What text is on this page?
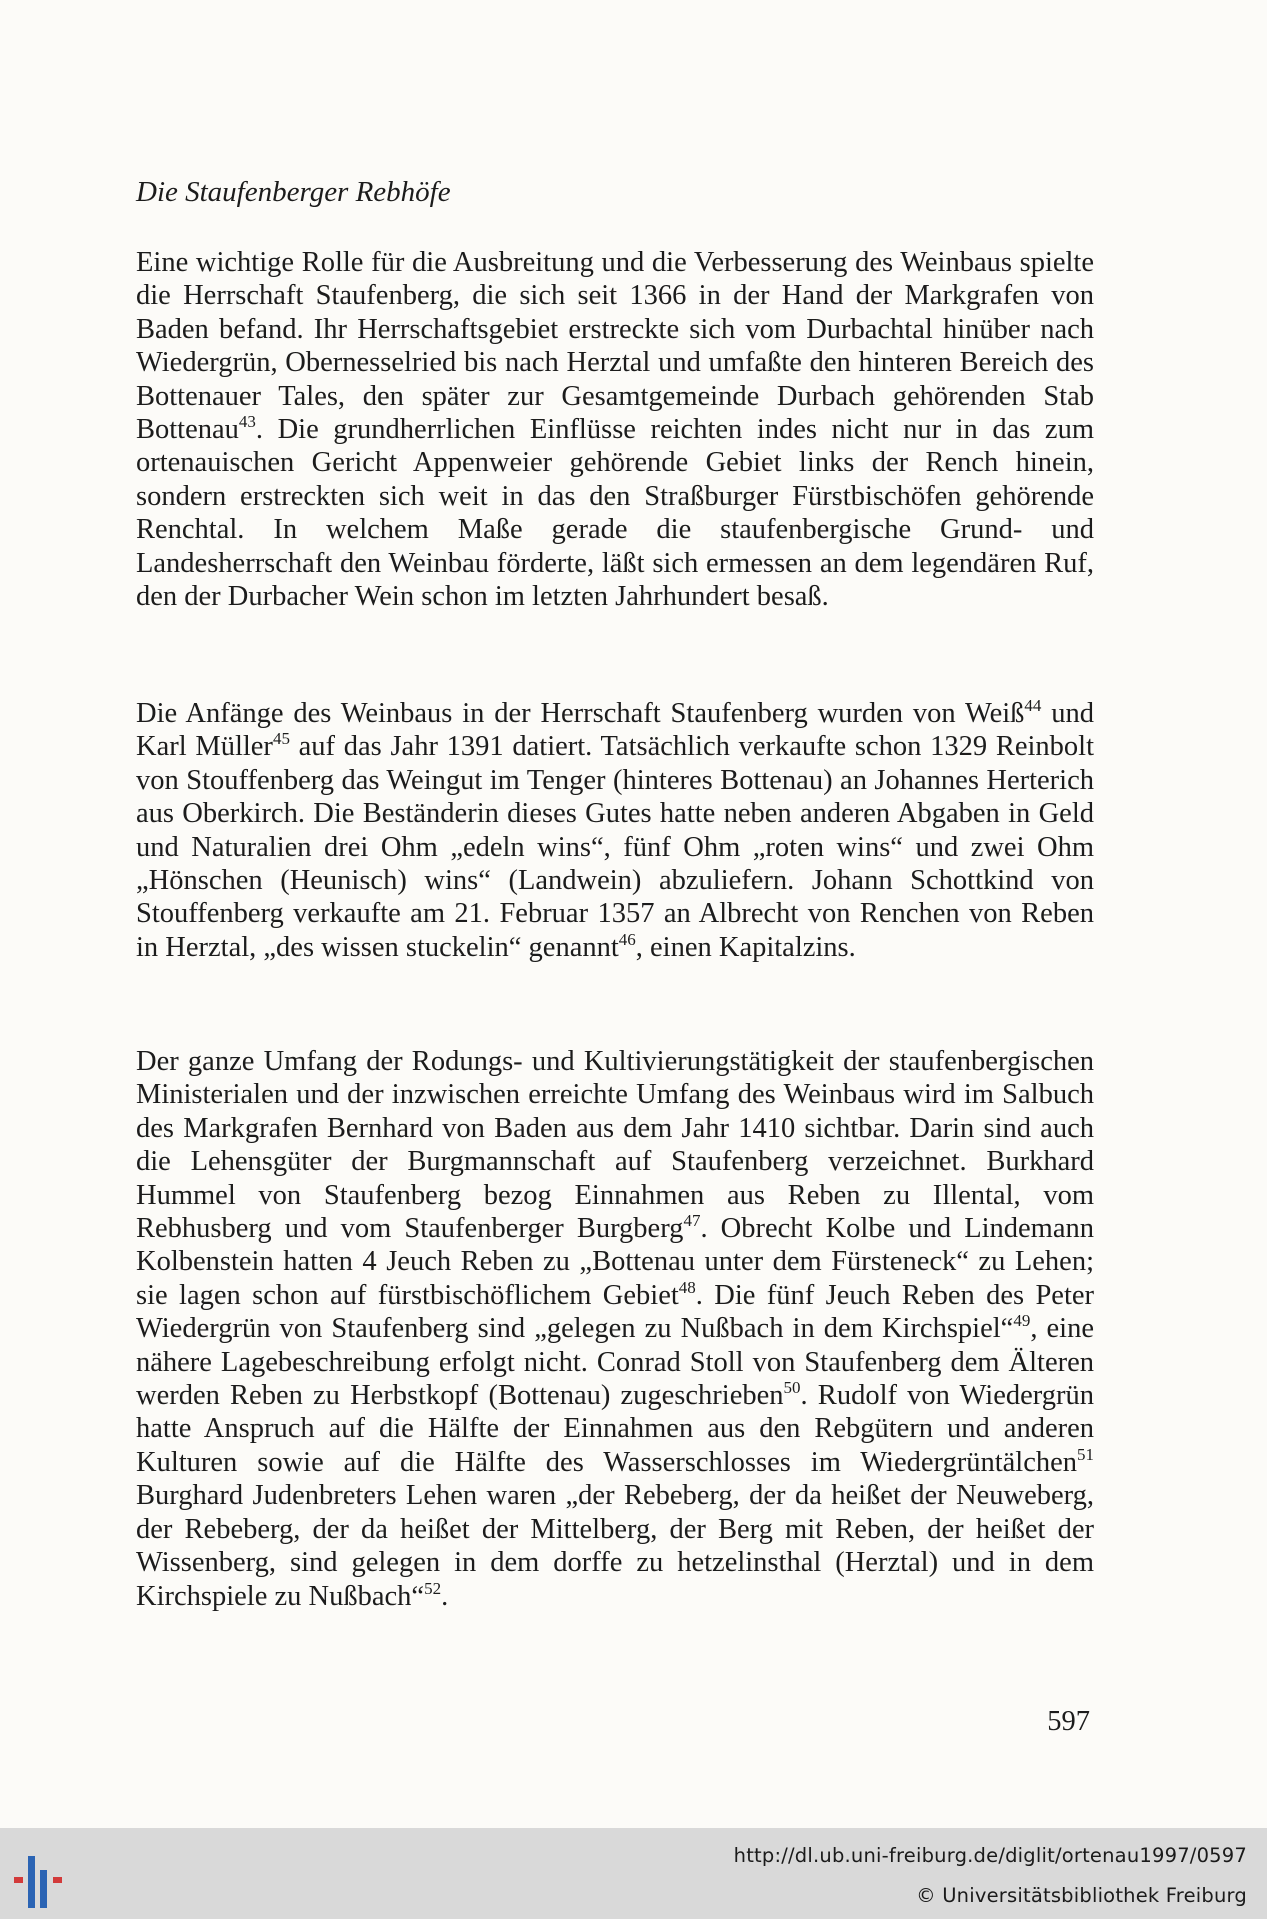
Die Staufenberger Rebhöfe

Eine wichtige Rolle für die Ausbreitung und die Verbesserung des Weinbaus spielte die Herrschaft Staufenberg, die sich seit 1366 in der Hand der Markgrafen von Baden befand. Ihr Herrschaftsgebiet erstreckte sich vom Durbachtal hinüber nach Wiedergrün, Obernesselried bis nach Herztal und umfaßte den hinteren Bereich des Bottenauer Tales, den später zur Gesamtgemeinde Durbach gehörenden Stab Bottenau$^{43}$. Die grundherrlichen Einflüsse reichten indes nicht nur in das zum ortenauischen Gericht Appenweier gehörende Gebiet links der Rench hinein, sondern erstreckten sich weit in das den Straßburger Fürstbischöfen gehörende Renchtal. In welchem Maße gerade die staufenbergische Grund- und Landesherrschaft den Weinbau förderte, läßt sich ermessen an dem legendären Ruf, den der Durbacher Wein schon im letzten Jahrhundert besaß.

Die Anfänge des Weinbaus in der Herrschaft Staufenberg wurden von Weiß$^{44}$ und Karl Müller$^{45}$ auf das Jahr 1391 datiert. Tatsächlich verkaufte schon 1329 Reinbolt von Stouffenberg das Weingut im Tenger (hinteres Bottenau) an Johannes Herterich aus Oberkirch. Die Beständerin dieses Gutes hatte neben anderen Abgaben in Geld und Naturalien drei Ohm „edeln wins“, fünf Ohm „roten wins“ und zwei Ohm „Hönschen (Heunisch) wins“ (Landwein) abzuliefern. Johann Schottkind von Stouffenberg verkaufte am 21. Februar 1357 an Albrecht von Renchen von Reben in Herztal, „des wissen stuckelin“ genannt$^{46}$, einen Kapitalzins.

Der ganze Umfang der Rodungs- und Kultivierungstätigkeit der staufenbergischen Ministerialen und der inzwischen erreichte Umfang des Weinbaus wird im Salbuch des Markgrafen Bernhard von Baden aus dem Jahr 1410 sichtbar. Darin sind auch die Lehensgüter der Burgmannschaft auf Staufenberg verzeichnet. Burkhard Hummel von Staufenberg bezog Einnahmen aus Reben zu Illental, vom Rebhusberg und vom Staufenberger Burgberg$^{47}$. Obrecht Kolbe und Lindemann Kolbenstein hatten 4 Jeuch Reben zu „Bottenau unter dem Fürsteneck“ zu Lehen; sie lagen schon auf fürstbischöflichem Gebiet$^{48}$. Die fünf Jeuch Reben des Peter Wiedergrün von Staufenberg sind „gelegen zu Nußbach in dem Kirchspiel“$^{49}$, eine nähere Lagebeschreibung erfolgt nicht. Conrad Stoll von Staufenberg dem Älteren werden Reben zu Herbstkopf (Bottenau) zugeschrieben$^{50}$. Rudolf von Wiedergrün hatte Anspruch auf die Hälfte der Einnahmen aus den Rebgütern und anderen Kulturen sowie auf die Hälfte des Wasserschlosses im Wiedergrüntälchen$^{51}$ Burghard Judenbreters Lehen waren „der Rebeberg, der da heißet der Neuweberg, der Rebeberg, der da heißet der Mittelberg, der Berg mit Reben, der heißet der Wissenberg, sind gelegen in dem dorffe zu hetzelinsthal (Herztal) und in dem Kirchspiele zu Nußbach“$^{52}$.

597
http://dl.ub.uni-freiburg.de/diglit/ortenau1997/0597
© Universitätsbibliothek Freiburg
